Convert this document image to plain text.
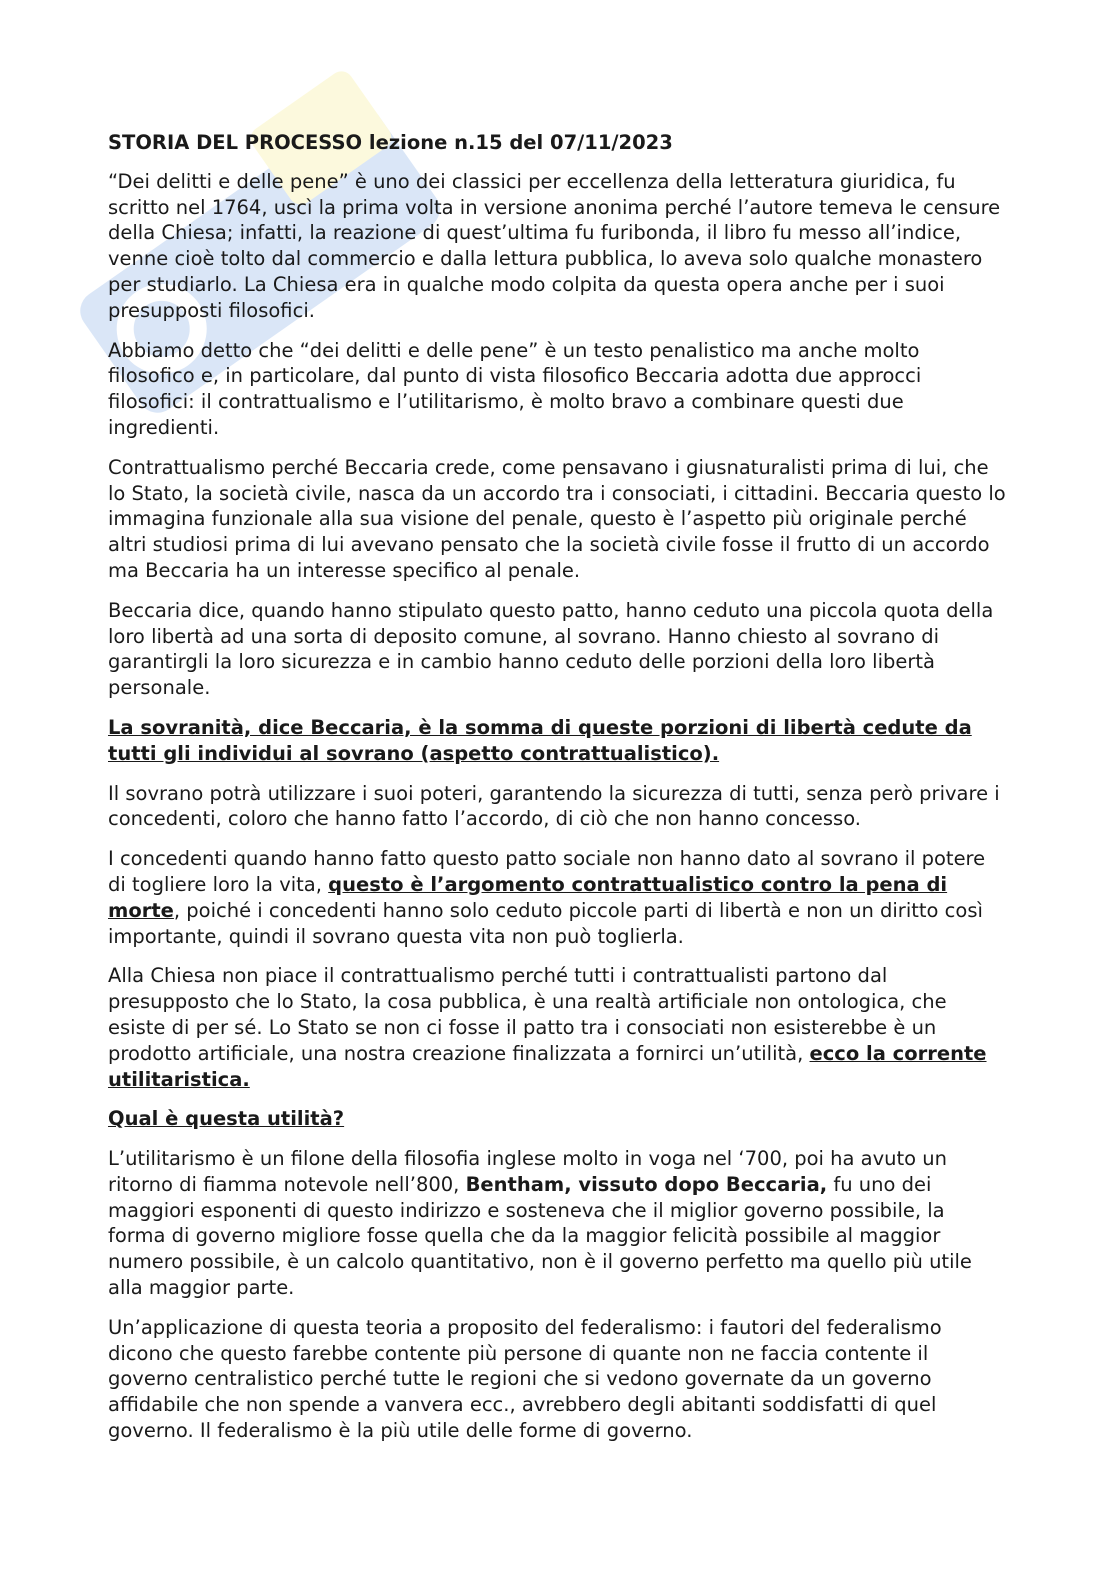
STORIA DEL PROCESSO lezione n.15 del 07/11/2023

“Dei delitti e delle pene” è uno dei classici per eccellenza della letteratura giuridica, fu scritto nel 1764, uscì la prima volta in versione anonima perché l’autore temeva le censure della Chiesa; infatti, la reazione di quest’ultima fu furibonda, il libro fu messo all’indice, venne cioè tolto dal commercio e dalla lettura pubblica, lo aveva solo qualche monastero per studiarlo. La Chiesa era in qualche modo colpita da questa opera anche per i suoi presupposti filosofici.

Abbiamo detto che “dei delitti e delle pene” è un testo penalistico ma anche molto filosofico e, in particolare, dal punto di vista filosofico Beccaria adotta due approcci filosofici: il contrattualismo e l’utilitarismo, è molto bravo a combinare questi due ingredienti.

Contrattualismo perché Beccaria crede, come pensavano i giusnaturalisti prima di lui, che lo Stato, la società civile, nasca da un accordo tra i consociati, i cittadini. Beccaria questo lo immagina funzionale alla sua visione del penale, questo è l’aspetto più originale perché altri studiosi prima di lui avevano pensato che la società civile fosse il frutto di un accordo ma Beccaria ha un interesse specifico al penale.

Beccaria dice, quando hanno stipulato questo patto, hanno ceduto una piccola quota della loro libertà ad una sorta di deposito comune, al sovrano. Hanno chiesto al sovrano di garantirgli la loro sicurezza e in cambio hanno ceduto delle porzioni della loro libertà personale.

La sovranità, dice Beccaria, è la somma di queste porzioni di libertà cedute da tutti gli individui al sovrano (aspetto contrattualistico).

Il sovrano potrà utilizzare i suoi poteri, garantendo la sicurezza di tutti, senza però privare i concedenti, coloro che hanno fatto l’accordo, di ciò che non hanno concesso.

I concedenti quando hanno fatto questo patto sociale non hanno dato al sovrano il potere di togliere loro la vita, questo è l’argomento contrattualistico contro la pena di morte, poiché i concedenti hanno solo ceduto piccole parti di libertà e non un diritto così importante, quindi il sovrano questa vita non può toglierla.

Alla Chiesa non piace il contrattualismo perché tutti i contrattualisti partono dal presupposto che lo Stato, la cosa pubblica, è una realtà artificiale non ontologica, che esiste di per sé. Lo Stato se non ci fosse il patto tra i consociati non esisterebbe è un prodotto artificiale, una nostra creazione finalizzata a fornirci un’utilità, ecco la corrente utilitaristica.

Qual è questa utilità?

L’utilitarismo è un filone della filosofia inglese molto in voga nel ‘700, poi ha avuto un ritorno di fiamma notevole nell’800, Bentham, vissuto dopo Beccaria, fu uno dei maggiori esponenti di questo indirizzo e sosteneva che il miglior governo possibile, la forma di governo migliore fosse quella che da la maggior felicità possibile al maggior numero possibile, è un calcolo quantitativo, non è il governo perfetto ma quello più utile alla maggior parte.

Un’applicazione di questa teoria a proposito del federalismo: i fautori del federalismo dicono che questo farebbe contente più persone di quante non ne faccia contente il governo centralistico perché tutte le regioni che si vedono governate da un governo affidabile che non spende a vanvera ecc., avrebbero degli abitanti soddisfatti di quel governo. Il federalismo è la più utile delle forme di governo.
